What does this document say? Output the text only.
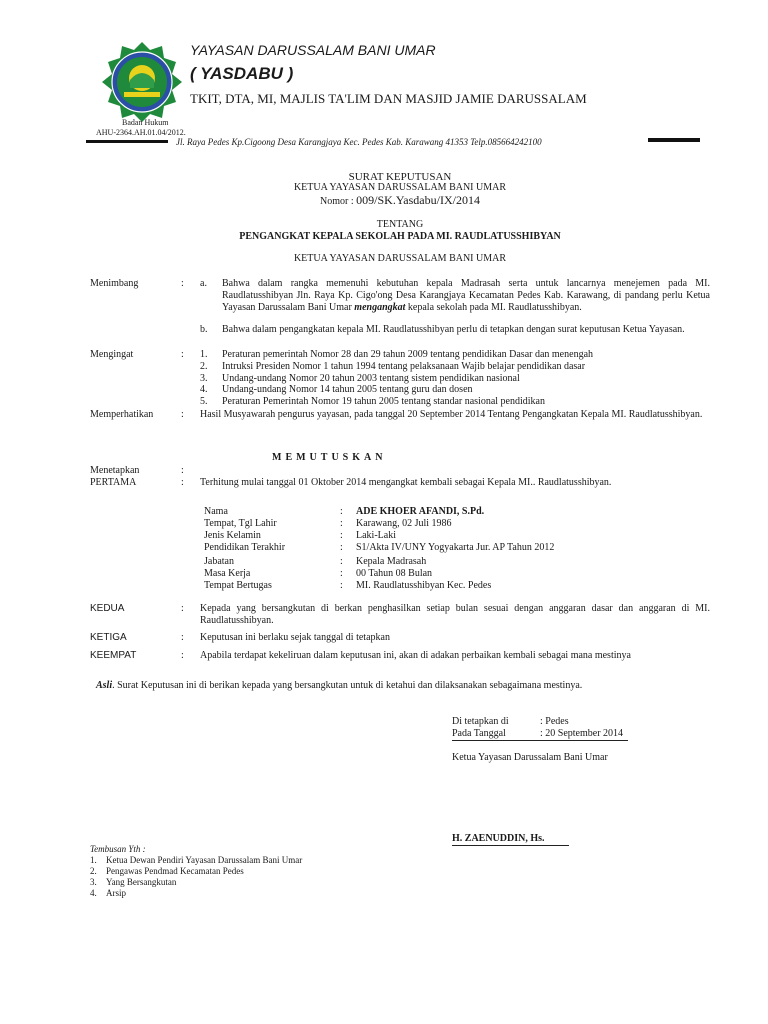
YAYASAN DARUSSALAM BANI UMAR
( YASDABU )
TKIT, DTA, MI, MAJLIS TA'LIM DAN MASJID JAMIE DARUSSALAM
Badan Hukum
AHU-2364.AH.01.04/2012.
Jl. Raya Pedes Kp.Cigoong Desa Karangjaya Kec. Pedes Kab. Karawang 41353 Telp.085664242100
SURAT KEPUTUSAN
KETUA YAYASAN DARUSSALAM BANI UMAR
Nomor : 009/SK.Yasdabu/IX/2014
TENTANG
PENGANGKAT KEPALA SEKOLAH PADA MI. RAUDLATUSSHIBYAN
KETUA YAYASAN DARUSSALAM BANI UMAR
Menimbang	: a. Bahwa dalam rangka memenuhi kebutuhan kepala Madrasah serta untuk lancarnya menejemen pada MI. Raudlatusshibyan Jln. Raya Kp. Cigo'ong Desa Karangjaya Kecamatan Pedes Kab. Karawang, di pandang perlu Ketua Yayasan Darussalam Bani Umar mengangkat kepala sekolah pada MI. Raudlatusshibyan.
b. Bahwa dalam pengangkatan kepala MI. Raudlatusshibyan perlu di tetapkan dengan surat keputusan Ketua Yayasan.
Mengingat	: 1. Peraturan pemerintah Nomor 28 dan 29 tahun 2009 tentang pendidikan Dasar dan menengah
2. Intruksi Presiden Nomor 1 tahun 1994 tentang pelaksanaan Wajib belajar pendidikan dasar
3. Undang-undang Nomor 20 tahun 2003 tentang sistem pendidikan nasional
4. Undang-undang Nomor 14 tahun 2005 tentang guru dan dosen
5. Peraturan Pemerintah Nomor 19 tahun 2005 tentang standar nasional pendidikan
Memperhatikan	: Hasil Musyawarah pengurus yayasan, pada tanggal 20 September 2014 Tentang Pengangkatan Kepala MI. Raudlatusshibyan.
MEMUTUSKAN
Menetapkan	:
PERTAMA	: Terhitung mulai tanggal 01 Oktober 2014 mengangkat kembali sebagai Kepala MI.. Raudlatusshibyan.
Nama	: ADE KHOER AFANDI, S.Pd.
Tempat, Tgl Lahir	: Karawang, 02 Juli 1986
Jenis Kelamin	: Laki-Laki
Pendidikan Terakhir	: S1/Akta IV/UNY Yogyakarta Jur. AP Tahun 2012
Jabatan	: Kepala Madrasah
Masa Kerja	: 00 Tahun 08 Bulan
Tempat Bertugas	: MI. Raudlatusshibyan Kec. Pedes
KEDUA	: Kepada yang bersangkutan di berkan penghasilkan setiap bulan sesuai dengan anggaran dasar dan anggaran di MI. Raudlatusshibyan.
KETIGA	: Keputusan ini berlaku sejak tanggal di tetapkan
KEEMPAT	: Apabila terdapat kekeliruan dalam keputusan ini, akan di adakan perbaikan kembali sebagai mana mestinya
Asli. Surat Keputusan ini di berikan kepada yang bersangkutan untuk di ketahui dan dilaksanakan sebagaimana mestinya.
Di tetapkan di	: Pedes
Pada Tanggal	: 20 September 2014
Ketua Yayasan Darussalam Bani Umar
H. ZAENUDDIN, Hs.
Tembusan Yth :
1. Ketua Dewan Pendiri Yayasan Darussalam Bani Umar
2. Pengawas Pendmad Kecamatan Pedes
3. Yang Bersangkutan
4. Arsip
